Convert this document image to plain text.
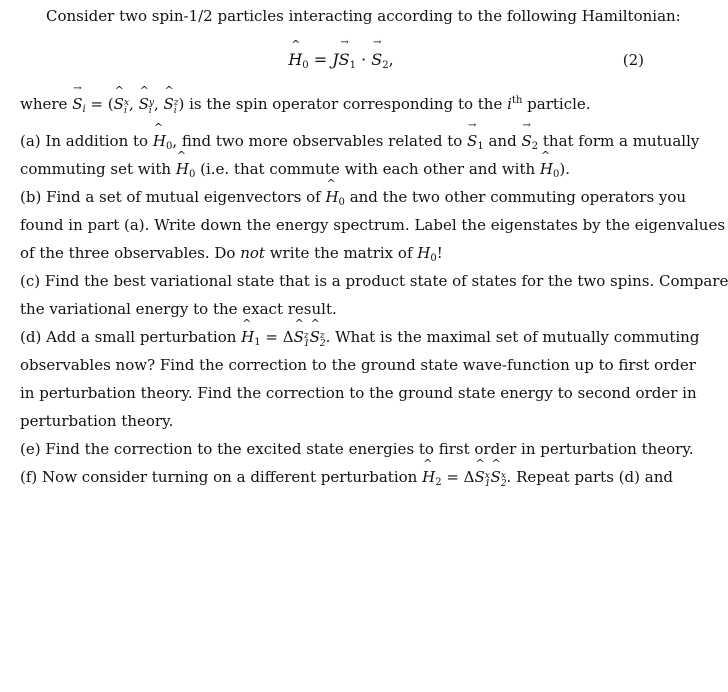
Consider two spin-1/2 particles interacting according to the following Hamiltonian:
^ $H_0 = J\to S_1$ · → $S_2$,	(2)
where → $S_i$ = (^ S x
i , ^ S y
i , ^ S z
i ) is the spin operator corresponding to the $i^{th}$ particle.
(a) In addition to ^ $H_0$, find two more observables related to → $S_1$ and → $S_2$ that form a mutually
commuting set with ^ $H_0$ (i.e. that commute with each other and with ^ $H_0$).
(b) Find a set of mutual eigenvectors of ^ $H_0$ and the two other commuting operators you
found in part (a). Write down the energy spectrum. Label the eigenstates by the eigenvalues
of the three observables. Do not write the matrix of $H_0$!
(c) Find the best variational state that is a product state of states for the two spins. Compare
the variational energy to the exact result.
(d) Add a small perturbation ^ $H_1$ = Δ^ S z
1 ^ S z
2 . What is the maximal set of mutually commuting
observables now? Find the correction to the ground state wave-function up to first order
in perturbation theory. Find the correction to the ground state energy to second order in
perturbation theory.
(e) Find the correction to the excited state energies to first order in perturbation theory.
(f) Now consider turning on a different perturbation ^ $H_2$ = Δ^ S x
1 ^ S x
2 . Repeat parts (d) and
